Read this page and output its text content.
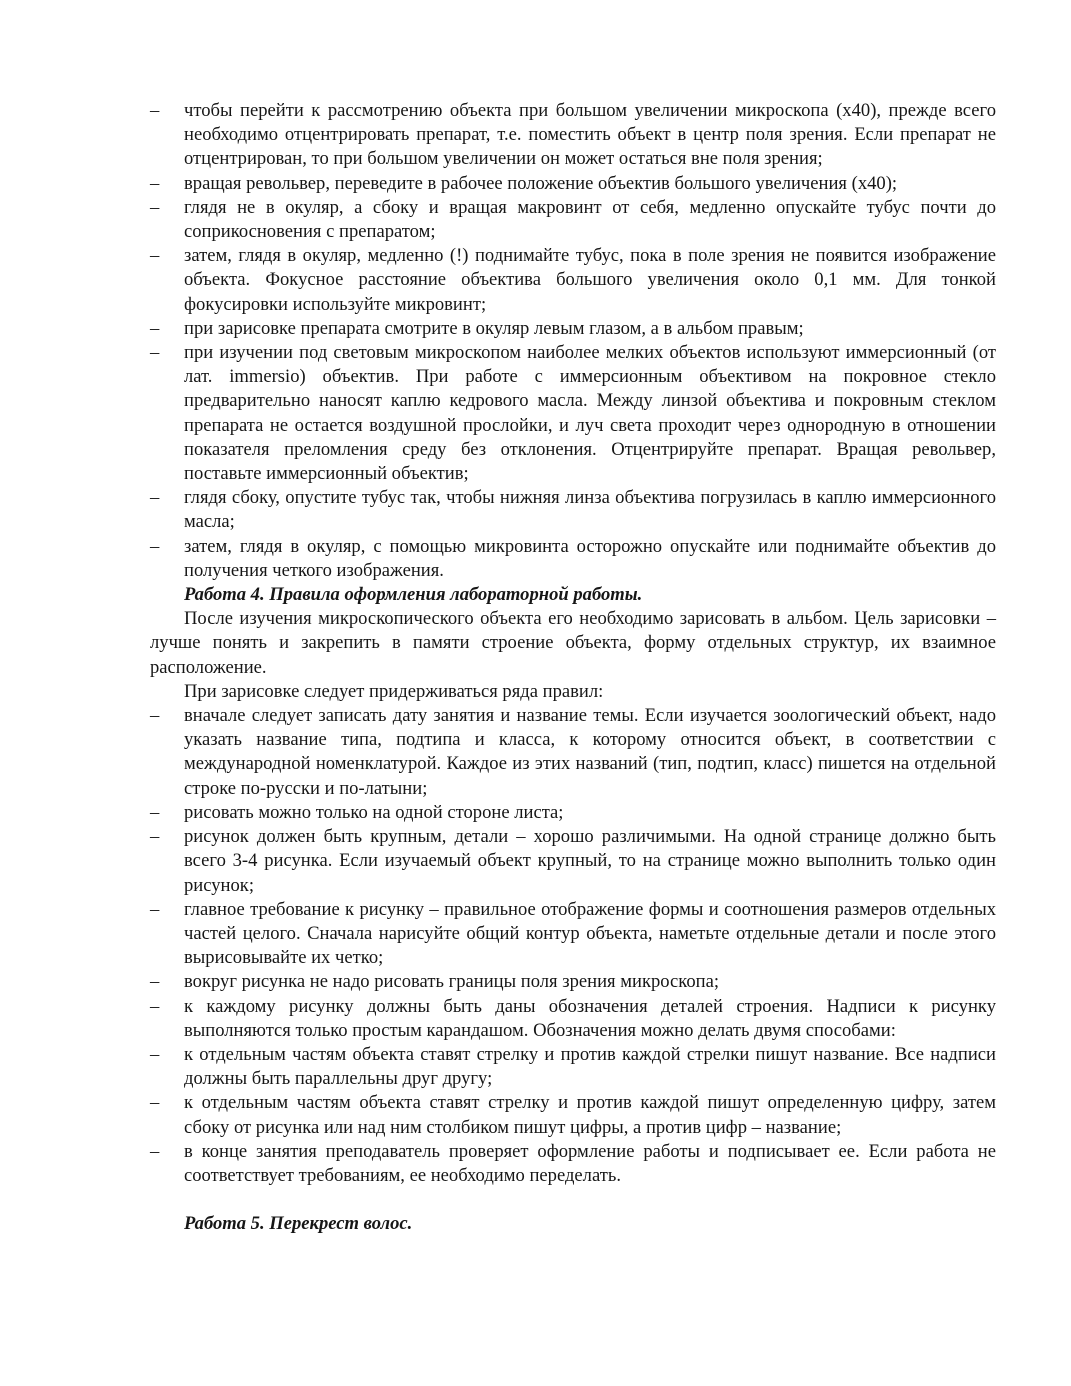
– чтобы перейти к рассмотрению объекта при большом увеличении микроскопа (х40), прежде всего необходимо отцентрировать препарат, т.е. поместить объект в центр поля зрения. Если препарат не отцентрирован, то при большом увеличении он может остаться вне поля зрения;
– вращая револьвер, переведите в рабочее положение объектив большого увеличения (х40);
– глядя не в окуляр, а сбоку и вращая макровинт от себя, медленно опускайте тубус почти до соприкосновения с препаратом;
– затем, глядя в окуляр, медленно (!) поднимайте тубус, пока в поле зрения не появится изображение объекта. Фокусное расстояние объектива большого увеличения около 0,1 мм. Для тонкой фокусировки используйте микровинт;
– при зарисовке препарата смотрите в окуляр левым глазом, а в альбом правым;
– при изучении под световым микроскопом наиболее мелких объектов используют иммерсионный (от лат. immersio) объектив. При работе с иммерсионным объективом на покровное стекло предварительно наносят каплю кедрового масла. Между линзой объектива и покровным стеклом препарата не остается воздушной прослойки, и луч света проходит через однородную в отношении показателя преломления среду без отклонения. Отцентрируйте препарат. Вращая револьвер, поставьте иммерсионный объектив;
– глядя сбоку, опустите тубус так, чтобы нижняя линза объектива погрузилась в каплю иммерсионного масла;
– затем, глядя в окуляр, с помощью микровинта осторожно опускайте или поднимайте объектив до получения четкого изображения.
Работа 4. Правила оформления лабораторной работы.
После изучения микроскопического объекта его необходимо зарисовать в альбом. Цель зарисовки – лучше понять и закрепить в памяти строение объекта, форму отдельных структур, их взаимное расположение.
При зарисовке следует придерживаться ряда правил:
– вначале следует записать дату занятия и название темы. Если изучается зоологический объект, надо указать название типа, подтипа и класса, к которому относится объект, в соответствии с международной номенклатурой. Каждое из этих названий (тип, подтип, класс) пишется на отдельной строке по-русски и по-латыни;
– рисовать можно только на одной стороне листа;
– рисунок должен быть крупным, детали – хорошо различимыми. На одной странице должно быть всего 3-4 рисунка. Если изучаемый объект крупный, то на странице можно выполнить только один рисунок;
– главное требование к рисунку – правильное отображение формы и соотношения размеров отдельных частей целого. Сначала нарисуйте общий контур объекта, наметьте отдельные детали и после этого вырисовывайте их четко;
– вокруг рисунка не надо рисовать границы поля зрения микроскопа;
– к каждому рисунку должны быть даны обозначения деталей строения. Надписи к рисунку выполняются только простым карандашом. Обозначения можно делать двумя способами:
– к отдельным частям объекта ставят стрелку и против каждой стрелки пишут название. Все надписи должны быть параллельны друг другу;
– к отдельным частям объекта ставят стрелку и против каждой пишут определенную цифру, затем сбоку от рисунка или над ним столбиком пишут цифры, а против цифр – название;
– в конце занятия преподаватель проверяет оформление работы и подписывает ее. Если работа не соответствует требованиям, ее необходимо переделать.
Работа 5. Перекрест волос.
